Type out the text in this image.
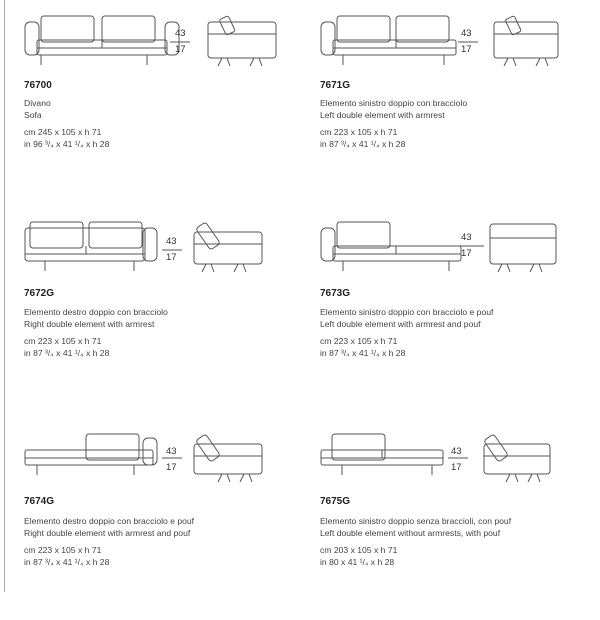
43
17
76700
Divano
Sofa
cm 245 x 105 x h 71
in 96 ³/₄ x 41 ¹/₄ x h 28
43
17
7671G
Elemento sinistro doppio con bracciolo
Left double element with armrest
cm 223 x 105 x h 71
in 87 ³/₄ x 41 ¹/₄ x h 28
43
17
7672G
Elemento destro doppio con bracciolo
Right double element with armrest
cm 223 x 105 x h 71
in 87 ³/₄ x 41 ¹/₄ x h 28
43
17
7673G
Elemento sinistro doppio con bracciolo e pouf
Left double element with armrest and pouf
cm 223 x 105 x h 71
in 87 ³/₄ x 41 ¹/₄ x h 28
43
17
7674G
Elemento destro doppio con bracciolo e pouf
Right double element with armrest and pouf
cm 223 x 105 x h 71
in 87 ³/₄ x 41 ¹/₄ x h 28
43
17
7675G
Elemento sinistro doppio senza braccioli, con pouf
Left double element without armrests, with pouf
cm 203 x 105 x h 71
in 80 x 41 ¹/₄ x h 28
